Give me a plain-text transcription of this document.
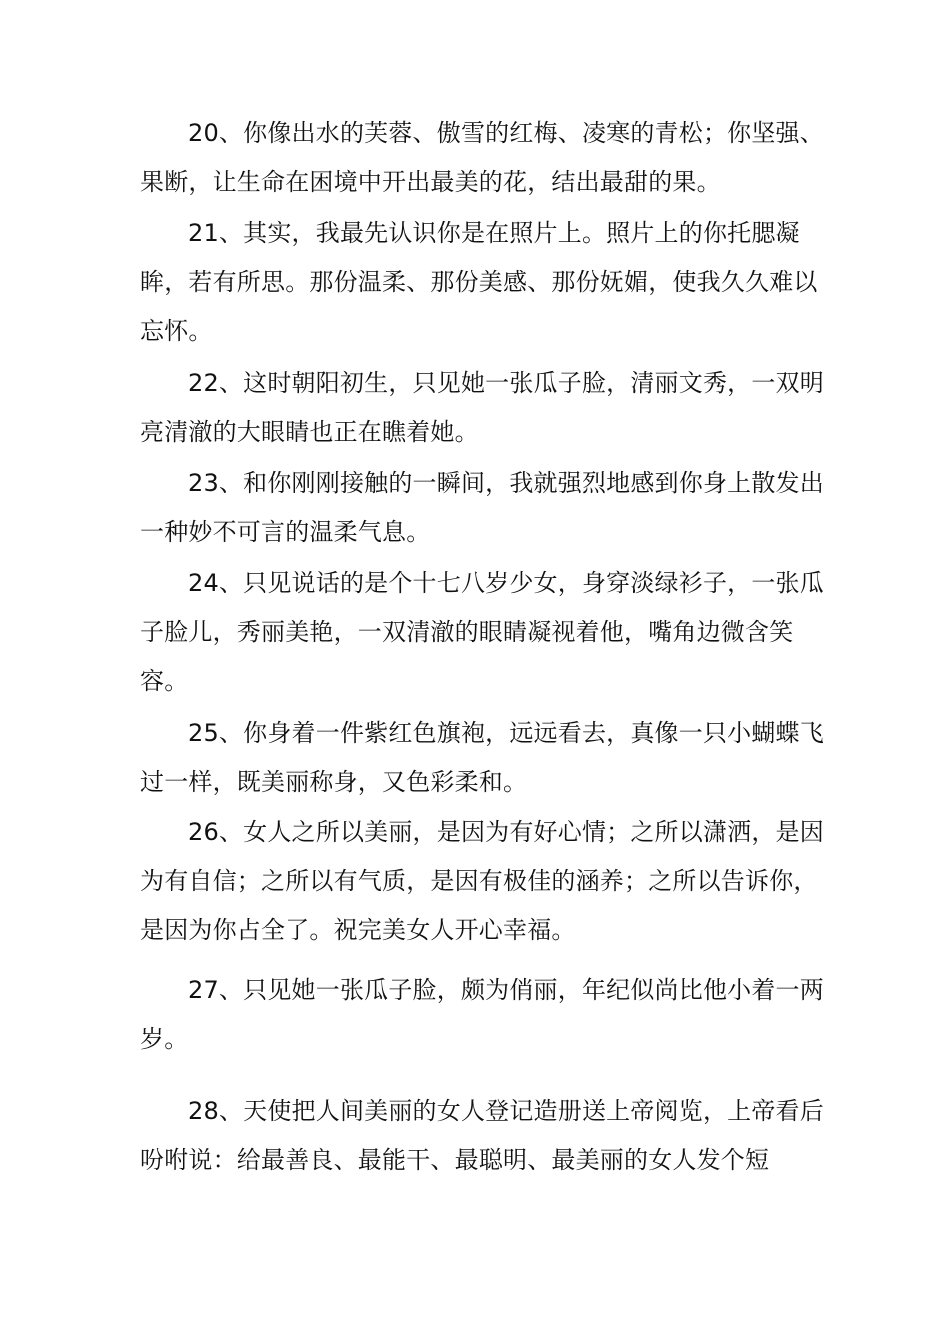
20、你像出水的芙蓉、傲雪的红梅、凌寒的青松；你坚强、果断，让生命在困境中开出最美的花，结出最甜的果。

21、其实，我最先认识你是在照片上。照片上的你托腮凝眸，若有所思。那份温柔、那份美感、那份妩媚，使我久久难以忘怀。

22、这时朝阳初生，只见她一张瓜子脸，清丽文秀，一双明亮清澈的大眼睛也正在瞧着她。

23、和你刚刚接触的一瞬间，我就强烈地感到你身上散发出一种妙不可言的温柔气息。

24、只见说话的是个十七八岁少女，身穿淡绿衫子，一张瓜子脸儿，秀丽美艳，一双清澈的眼睛凝视着他，嘴角边微含笑容。

25、你身着一件紫红色旗袍，远远看去，真像一只小蝴蝶飞过一样，既美丽称身，又色彩柔和。

26、女人之所以美丽，是因为有好心情；之所以潇洒，是因为有自信；之所以有气质，是因有极佳的涵养；之所以告诉你，是因为你占全了。祝完美女人开心幸福。

27、只见她一张瓜子脸，颇为俏丽，年纪似尚比他小着一两岁。

28、天使把人间美丽的女人登记造册送上帝阅览，上帝看后吩咐说：给最善良、最能干、最聪明、最美丽的女人发个短
